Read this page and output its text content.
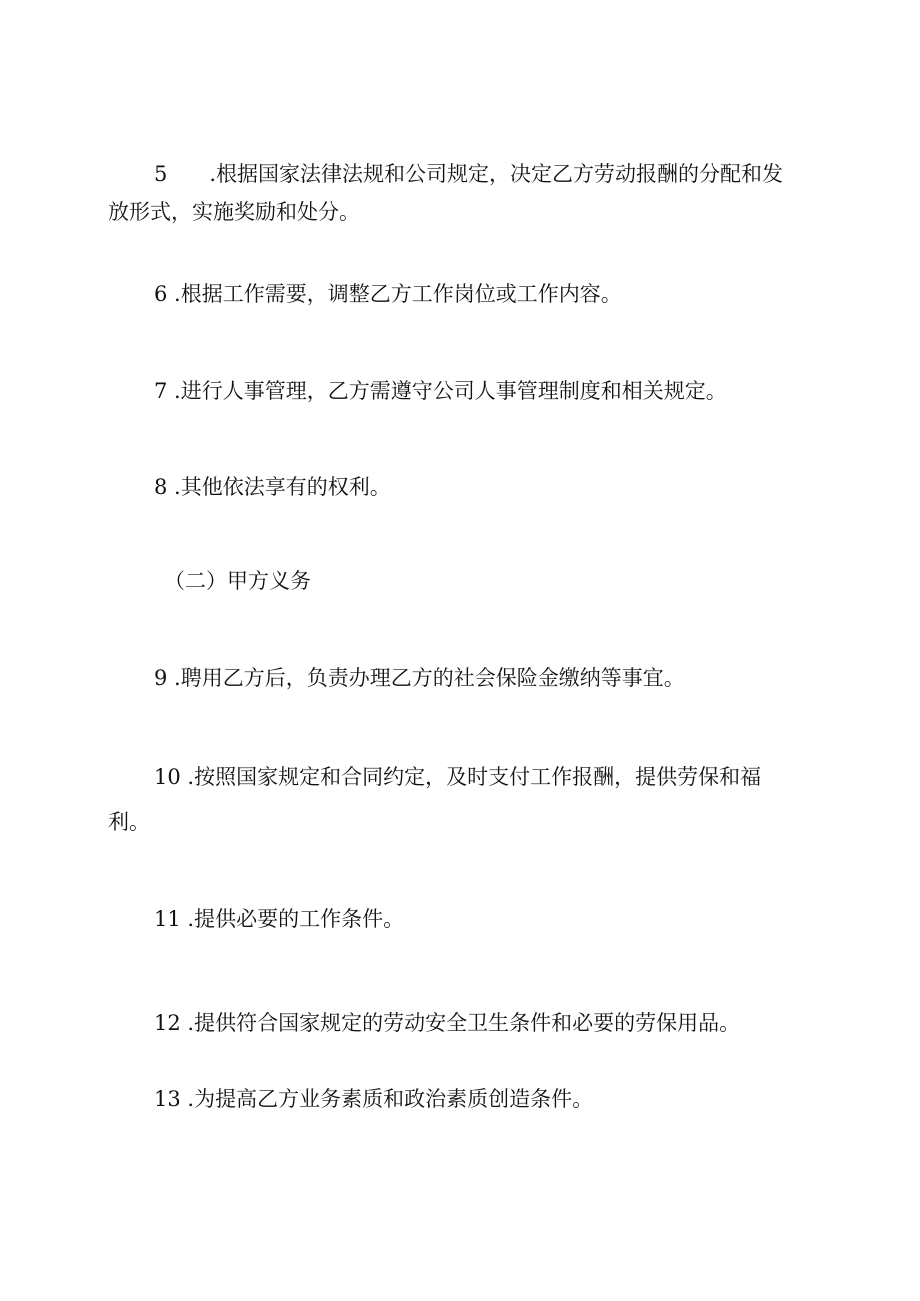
5　　.根据国家法律法规和公司规定，决定乙方劳动报酬的分配和发
放形式，实施奖励和处分。
6 .根据工作需要，调整乙方工作岗位或工作内容。
7 .进行人事管理，乙方需遵守公司人事管理制度和相关规定。
8 .其他依法享有的权利。
（二）甲方义务
9 .聘用乙方后，负责办理乙方的社会保险金缴纳等事宜。
10 .按照国家规定和合同约定，及时支付工作报酬，提供劳保和福
利。
11 .提供必要的工作条件。
12 .提供符合国家规定的劳动安全卫生条件和必要的劳保用品。
13 .为提高乙方业务素质和政治素质创造条件。
